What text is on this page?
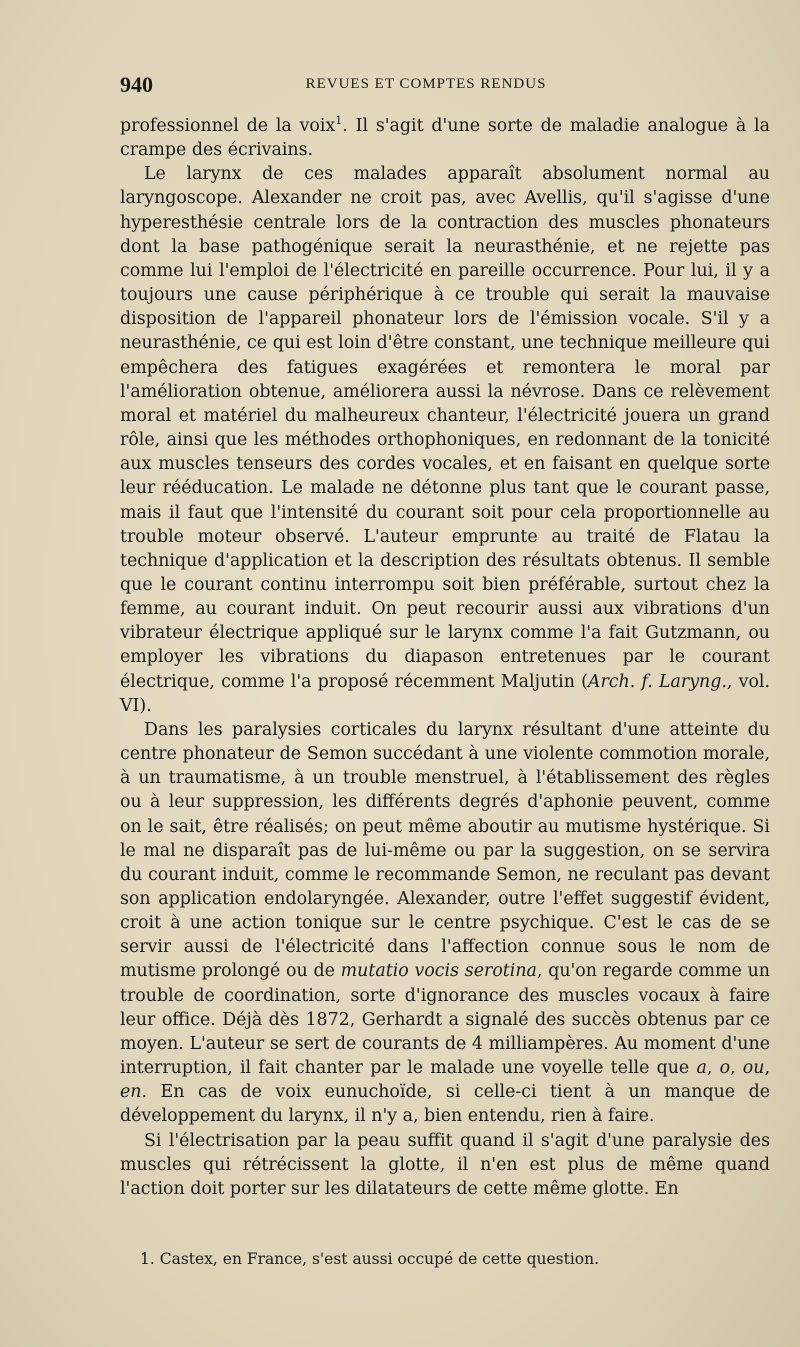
940	REVUES ET COMPTES RENDUS

professionnel de la voix$^1$. Il s'agit d'une sorte de maladie analogue à la crampe des écrivains.

Le larynx de ces malades apparaît absolument normal au laryngoscope. Alexander ne croit pas, avec Avellis, qu'il s'agisse d'une hyperesthésie centrale lors de la contraction des muscles phonateurs dont la base pathogénique serait la neurasthénie, et ne rejette pas comme lui l'emploi de l'électricité en pareille occurrence. Pour lui, il y a toujours une cause périphérique à ce trouble qui serait la mauvaise disposition de l'appareil phonateur lors de l'émission vocale. S'il y a neurasthénie, ce qui est loin d'être constant, une technique meilleure qui empêchera des fatigues exagérées et remontera le moral par l'amélioration obtenue, améliorera aussi la névrose. Dans ce relèvement moral et matériel du malheureux chanteur, l'électricité jouera un grand rôle, ainsi que les méthodes orthophoniques, en redonnant de la tonicité aux muscles tenseurs des cordes vocales, et en faisant en quelque sorte leur rééducation. Le malade ne détonne plus tant que le courant passe, mais il faut que l'intensité du courant soit pour cela proportionnelle au trouble moteur observé. L'auteur emprunte au traité de Flatau la technique d'application et la description des résultats obtenus. Il semble que le courant continu interrompu soit bien préférable, surtout chez la femme, au courant induit. On peut recourir aussi aux vibrations d'un vibrateur électrique appliqué sur le larynx comme l'a fait Gutzmann, ou employer les vibrations du diapason entretenues par le courant électrique, comme l'a proposé récemment Maljutin (Arch. f. Laryng., vol. VI).

Dans les paralysies corticales du larynx résultant d'une atteinte du centre phonateur de Semon succédant à une violente commotion morale, à un traumatisme, à un trouble menstruel, à l'établissement des règles ou à leur suppression, les différents degrés d'aphonie peuvent, comme on le sait, être réalisés; on peut même aboutir au mutisme hystérique. Si le mal ne disparaît pas de lui-même ou par la suggestion, on se servira du courant induit, comme le recommande Semon, ne reculant pas devant son application endolaryngée. Alexander, outre l'effet suggestif évident, croit à une action tonique sur le centre psychique. C'est le cas de se servir aussi de l'électricité dans l'affection connue sous le nom de mutisme prolongé ou de mutatio vocis serotina, qu'on regarde comme un trouble de coordination, sorte d'ignorance des muscles vocaux à faire leur office. Déjà dès 1872, Gerhardt a signalé des succès obtenus par ce moyen. L'auteur se sert de courants de 4 milliampères. Au moment d'une interruption, il fait chanter par le malade une voyelle telle que a, o, ou, en. En cas de voix eunuchoïde, si celle-ci tient à un manque de développement du larynx, il n'y a, bien entendu, rien à faire.

Si l'électrisation par la peau suffit quand il s'agit d'une paralysie des muscles qui rétrécissent la glotte, il n'en est plus de même quand l'action doit porter sur les dilatateurs de cette même glotte. En

1. Castex, en France, s'est aussi occupé de cette question.
